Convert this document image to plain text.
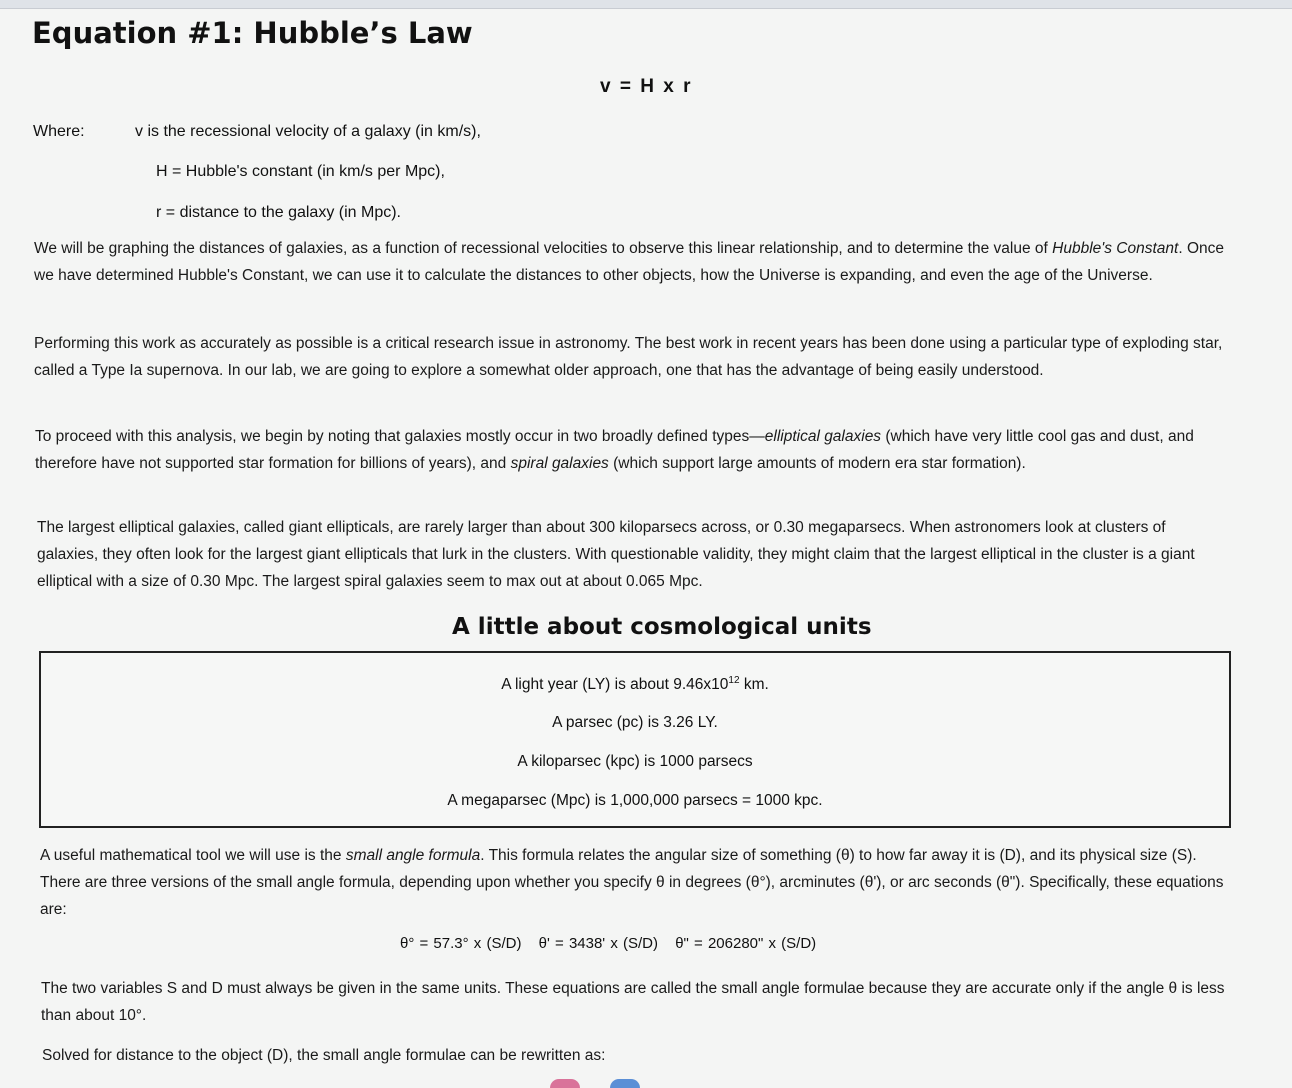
Equation #1: Hubble’s Law
v = H x r
Where:	v is the recessional velocity of a galaxy (in km/s),
H = Hubble's constant (in km/s per Mpc),
r = distance to the galaxy (in Mpc).

We will be graphing the distances of galaxies, as a function of recessional velocities to observe this linear relationship, and to determine the value of Hubble's Constant. Once we have determined Hubble's Constant, we can use it to calculate the distances to other objects, how the Universe is expanding, and even the age of the Universe.

Performing this work as accurately as possible is a critical research issue in astronomy. The best work in recent years has been done using a particular type of exploding star, called a Type Ia supernova. In our lab, we are going to explore a somewhat older approach, one that has the advantage of being easily understood.

To proceed with this analysis, we begin by noting that galaxies mostly occur in two broadly defined types—elliptical galaxies (which have very little cool gas and dust, and therefore have not supported star formation for billions of years), and spiral galaxies (which support large amounts of modern era star formation).

The largest elliptical galaxies, called giant ellipticals, are rarely larger than about 300 kiloparsecs across, or 0.30 megaparsecs. When astronomers look at clusters of galaxies, they often look for the largest giant ellipticals that lurk in the clusters. With questionable validity, they might claim that the largest elliptical in the cluster is a giant elliptical with a size of 0.30 Mpc. The largest spiral galaxies seem to max out at about 0.065 Mpc.

A little about cosmological units
A light year (LY) is about $9.46x10^{12}$ km.
A parsec (pc) is 3.26 LY.
A kiloparsec (kpc) is 1000 parsecs
A megaparsec (Mpc) is 1,000,000 parsecs = 1000 kpc.

A useful mathematical tool we will use is the small angle formula. This formula relates the angular size of something (θ) to how far away it is (D), and its physical size (S). There are three versions of the small angle formula, depending upon whether you specify θ in degrees (θ°), arcminutes (θ'), or arc seconds (θ"). Specifically, these equations are:

θ° = 57.3° x (S/D) θ' = 3438' x (S/D) θ" = 206280" x (S/D)

The two variables S and D must always be given in the same units. These equations are called the small angle formulae because they are accurate only if the angle θ is less than about 10°.

Solved for distance to the object (D), the small angle formulae can be rewritten as:
